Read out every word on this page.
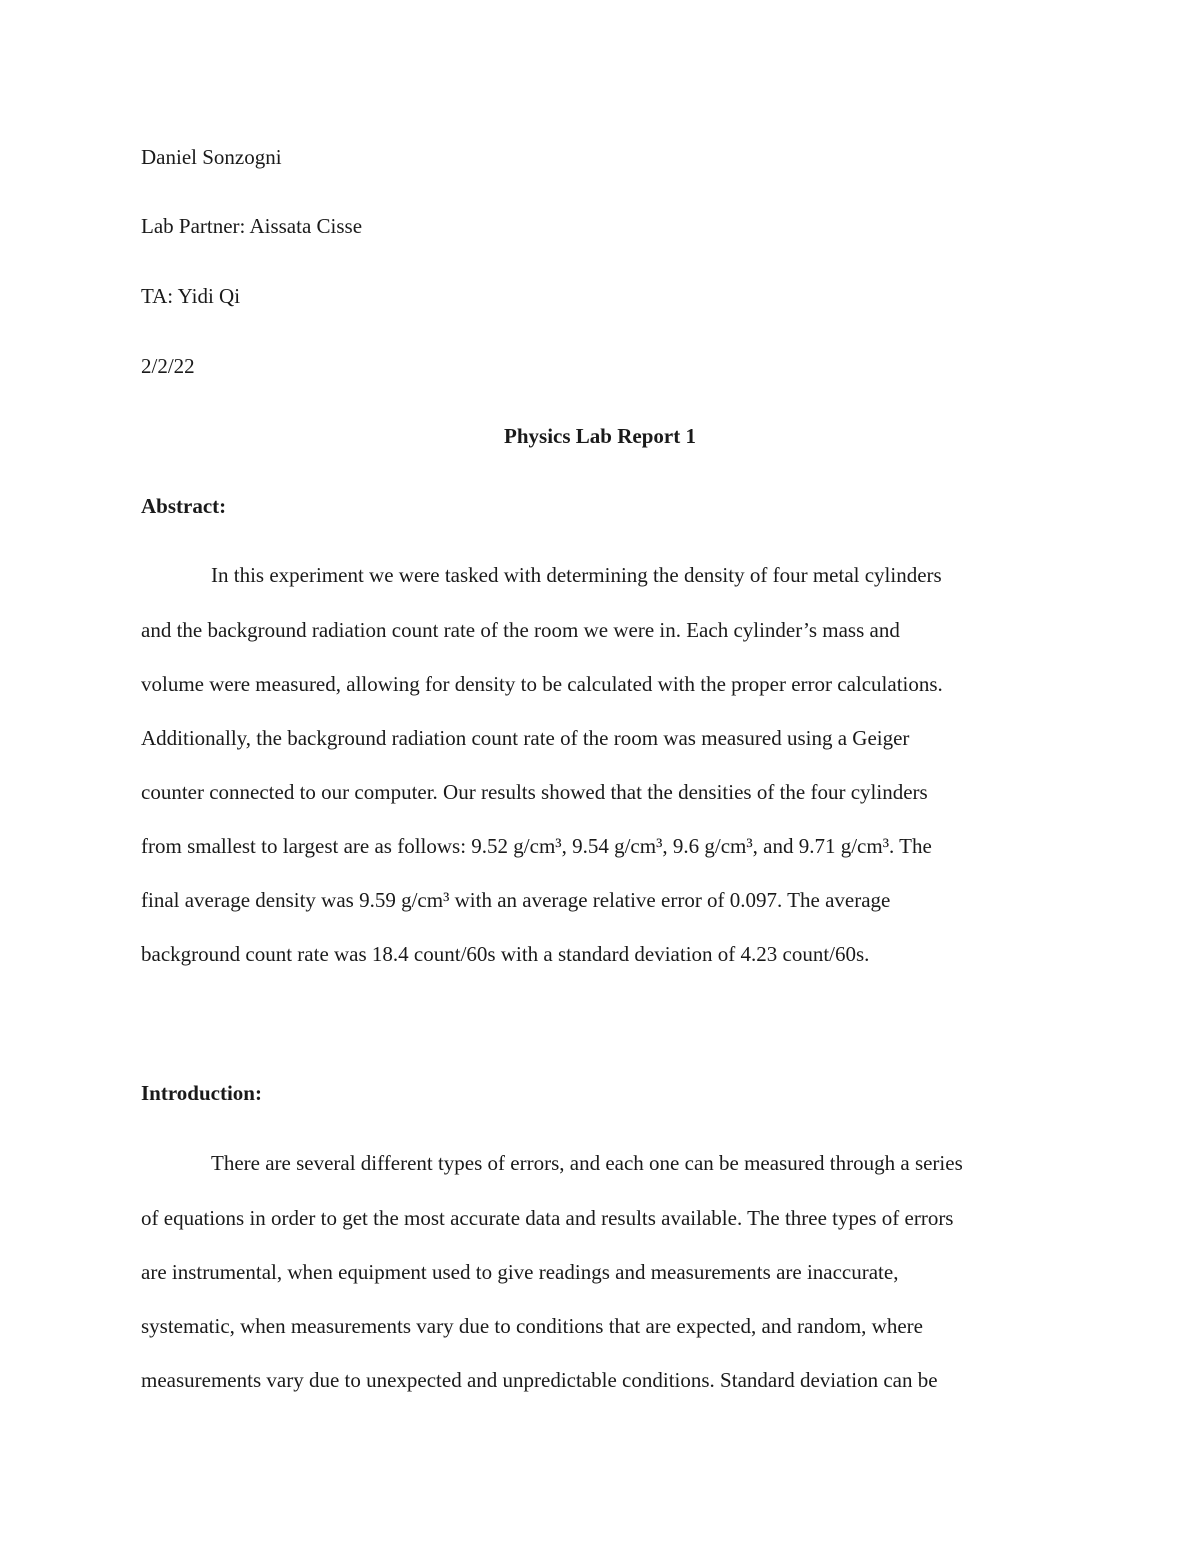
Daniel Sonzogni
Lab Partner: Aissata Cisse
TA: Yidi Qi
2/2/22
Physics Lab Report 1
Abstract:
In this experiment we were tasked with determining the density of four metal cylinders
and the background radiation count rate of the room we were in. Each cylinder’s mass and
volume were measured, allowing for density to be calculated with the proper error calculations.
Additionally, the background radiation count rate of the room was measured using a Geiger
counter connected to our computer. Our results showed that the densities of the four cylinders
from smallest to largest are as follows: 9.52 g/cm³, 9.54 g/cm³, 9.6 g/cm³, and 9.71 g/cm³. The
final average density was 9.59 g/cm³ with an average relative error of 0.097. The average
background count rate was 18.4 count/60s with a standard deviation of 4.23 count/60s.
Introduction:
There are several different types of errors, and each one can be measured through a series
of equations in order to get the most accurate data and results available. The three types of errors
are instrumental, when equipment used to give readings and measurements are inaccurate,
systematic, when measurements vary due to conditions that are expected, and random, where
measurements vary due to unexpected and unpredictable conditions. Standard deviation can be
